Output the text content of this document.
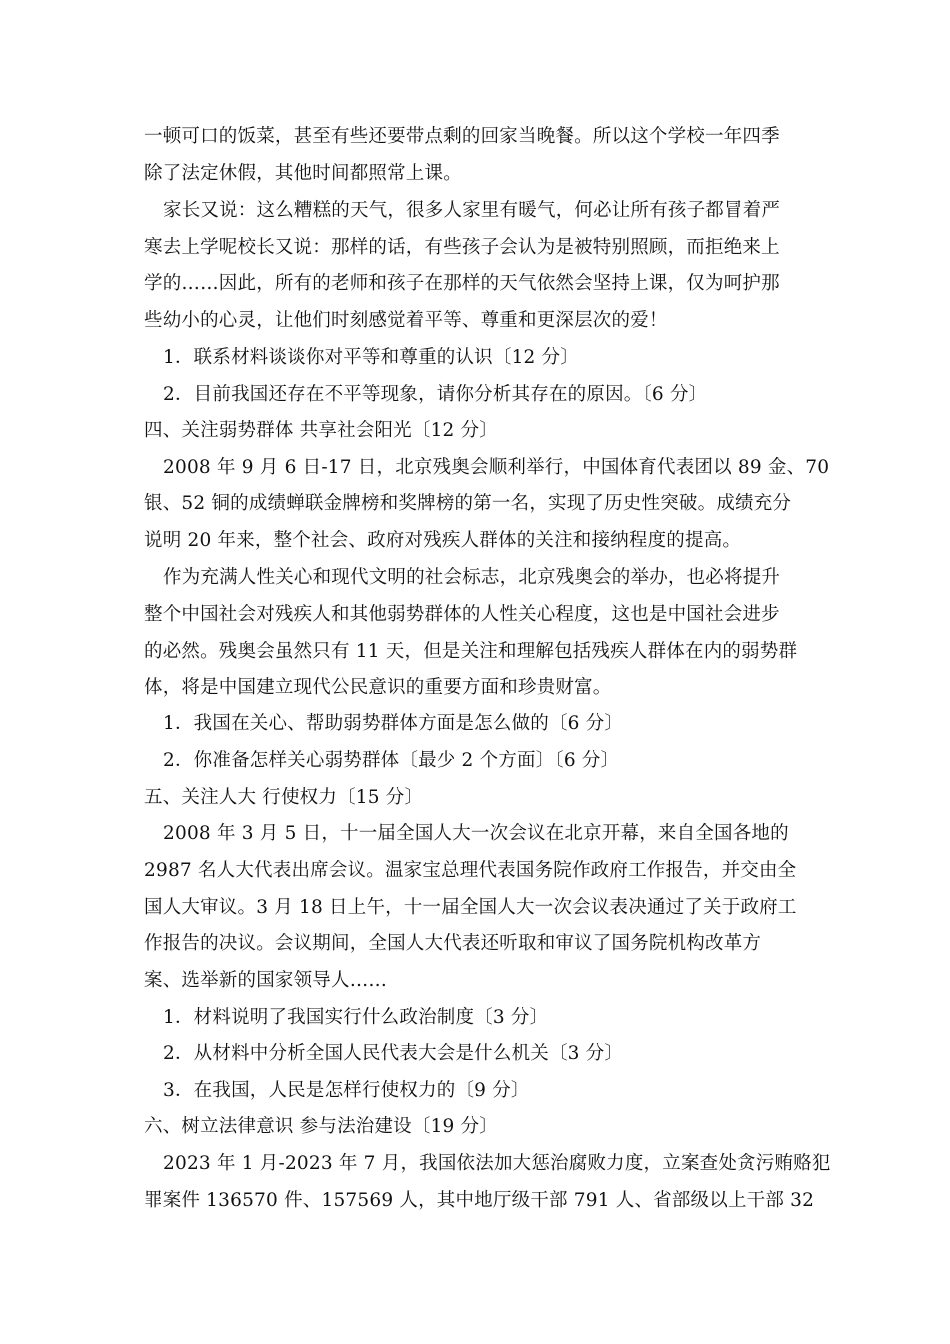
一顿可口的饭菜，甚至有些还要带点剩的回家当晚餐。所以这个学校一年四季
除了法定休假，其他时间都照常上课。
家长又说：这么糟糕的天气，很多人家里有暖气，何必让所有孩子都冒着严
寒去上学呢校长又说：那样的话，有些孩子会认为是被特别照顾，而拒绝来上
学的……因此，所有的老师和孩子在那样的天气依然会坚持上课，仅为呵护那
些幼小的心灵，让他们时刻感觉着平等、尊重和更深层次的爱！
1．联系材料谈谈你对平等和尊重的认识〔12 分〕
2．目前我国还存在不平等现象，请你分析其存在的原因。〔6 分〕
四、关注弱势群体 共享社会阳光〔12 分〕
2008 年 9 月 6 日-17 日，北京残奥会顺利举行，中国体育代表团以 89 金、70
银、52 铜的成绩蝉联金牌榜和奖牌榜的第一名，实现了历史性突破。成绩充分
说明 20 年来，整个社会、政府对残疾人群体的关注和接纳程度的提高。
作为充满人性关心和现代文明的社会标志，北京残奥会的举办，也必将提升
整个中国社会对残疾人和其他弱势群体的人性关心程度，这也是中国社会进步
的必然。残奥会虽然只有 11 天，但是关注和理解包括残疾人群体在内的弱势群
体，将是中国建立现代公民意识的重要方面和珍贵财富。
1．我国在关心、帮助弱势群体方面是怎么做的〔6 分〕
2．你准备怎样关心弱势群体〔最少 2 个方面〕〔6 分〕
五、关注人大 行使权力〔15 分〕
2008 年 3 月 5 日，十一届全国人大一次会议在北京开幕，来自全国各地的
2987 名人大代表出席会议。温家宝总理代表国务院作政府工作报告，并交由全
国人大审议。3 月 18 日上午，十一届全国人大一次会议表决通过了关于政府工
作报告的决议。会议期间，全国人大代表还听取和审议了国务院机构改革方
案、选举新的国家领导人……
1．材料说明了我国实行什么政治制度〔3 分〕
2．从材料中分析全国人民代表大会是什么机关〔3 分〕
3．在我国，人民是怎样行使权力的〔9 分〕
六、树立法律意识 参与法治建设〔19 分〕
2023 年 1 月-2023 年 7 月，我国依法加大惩治腐败力度，立案查处贪污贿赂犯
罪案件 136570 件、157569 人，其中地厅级干部 791 人、省部级以上干部 32
